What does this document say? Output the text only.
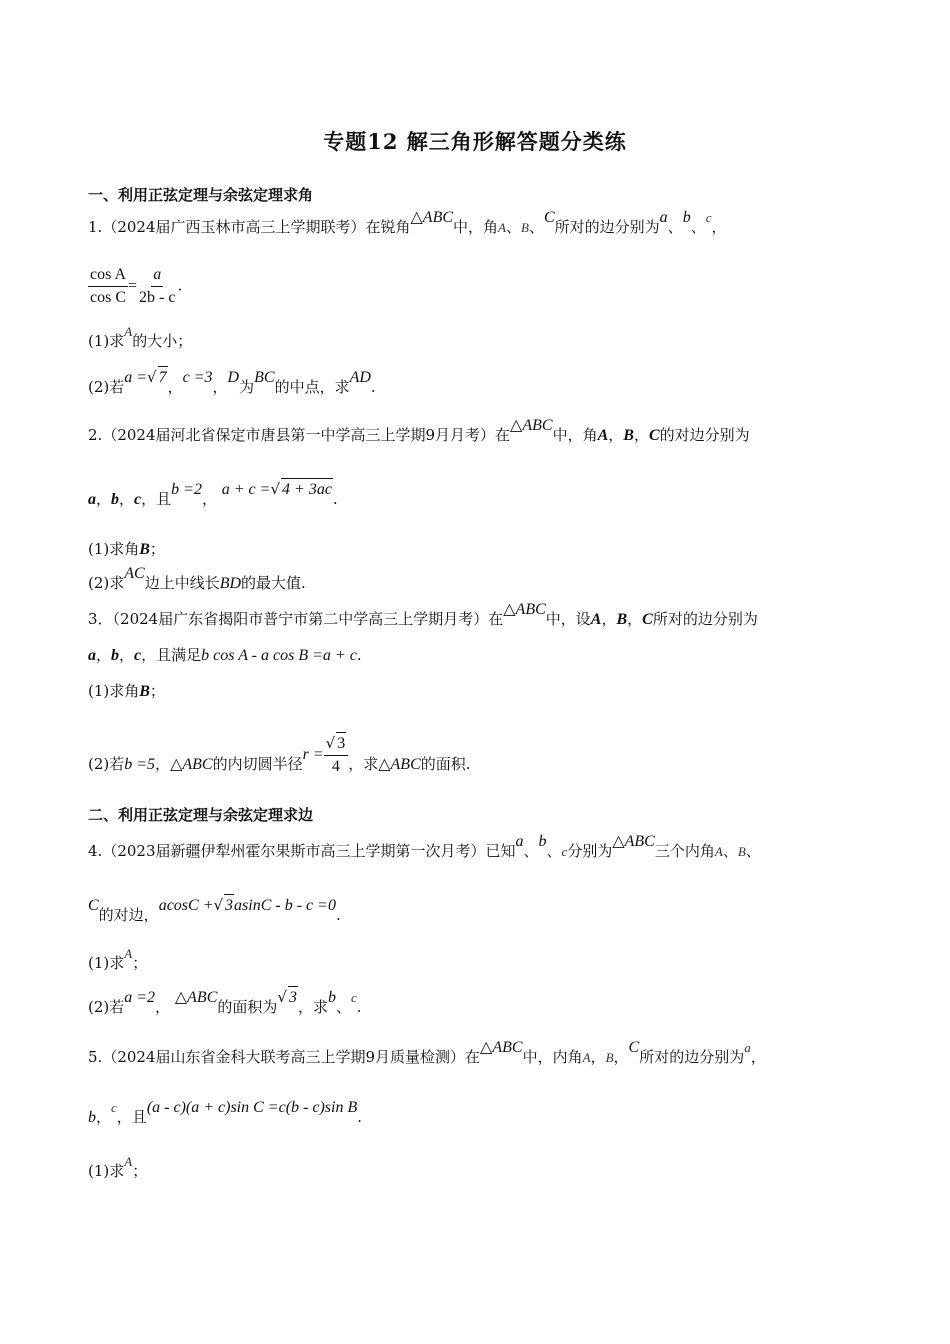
专题12 解三角形解答题分类练
一、利用正弦定理与余弦定理求角
1.（2024届广西玉林市高三上学期联考）在锐角△ABC中，角A、B、C所对的边分别为a、b、c，
$\frac{\text{cos A}}{\text{cos C}} = \frac{a}{2b - c}$ .
(1)求A的大小；
(2)若a =√ 7，c =3，D为BC的中点，求AD.
2.（2024届河北省保定市唐县第一中学高三上学期9月月考）在△ABC中，角A，B，C的对边分别为
a，b，c，且b =2， a + c =√ 4 + 3ac.
(1)求角B；
(2)求AC边上中线长BD的最大值.
3．（2024届广东省揭阳市普宁市第二中学高三上学期月考）在△ABC中，设A，B，C所对的边分别为
a，b，c，且满足b cos A - a cos B =a + c.
(1)求角B；
(2)若b =5，△ABC的内切圆半径$r = \frac{√ 3}{4}$ ，求△ABC的面积.
二、利用正弦定理与余弦定理求边
4.（2023届新疆伊犁州霍尔果斯市高三上学期第一次月考）已知a、b、c分别为△ABC三个内角A、B、
C的对边，acosC +√ 3asinC - b - c =0.
(1)求A；
(2)若a =2， △ABC的面积为√ 3，求b、c.
5.（2024届山东省金科大联考高三上学期9月质量检测）在△ABC中，内角A，B，C所对的边分别为a，
b，c，且(a - c)(a + c)sin C =c(b - c)sin B.
(1)求A；
